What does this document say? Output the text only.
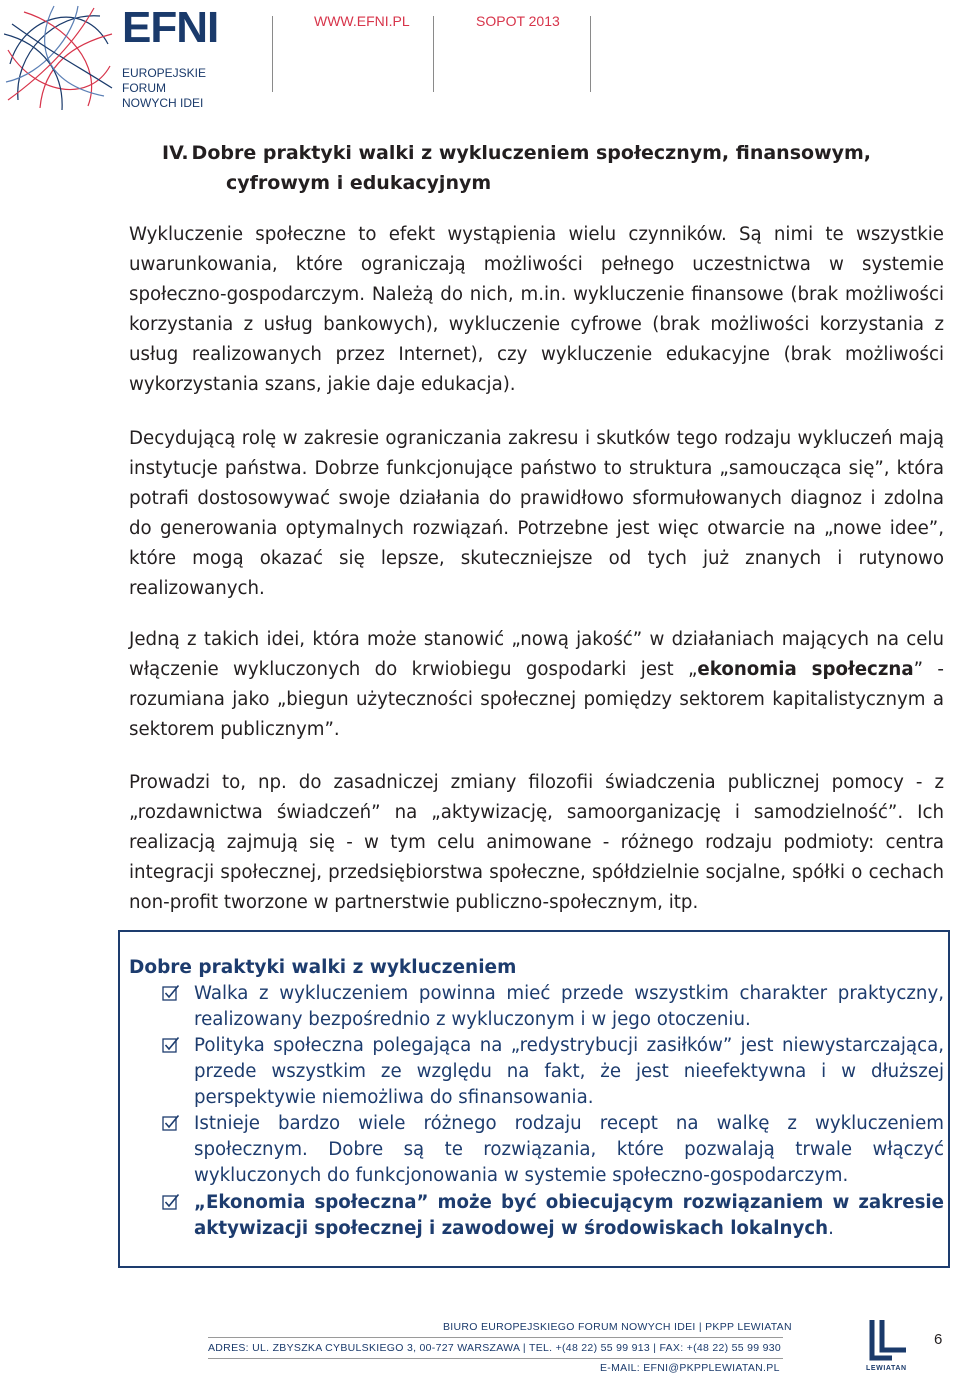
EFNI
EUROPEJSKIE FORUM
NOWYCH IDEI
WWW.EFNI.PL	SOPOT 2013
IV. Dobre praktyki walki z wykluczeniem społecznym, finansowym,
cyfrowym i edukacyjnym

Wykluczenie społeczne to efekt wystąpienia wielu czynników. Są nimi te wszystkie uwarunkowania, które ograniczają możliwości pełnego uczestnictwa w systemie społeczno-gospodarczym. Należą do nich, m.in. wykluczenie finansowe (brak możliwości korzystania z usług bankowych), wykluczenie cyfrowe (brak możliwości korzystania z usług realizowanych przez Internet), czy wykluczenie edukacyjne (brak możliwości wykorzystania szans, jakie daje edukacja).

Decydującą rolę w zakresie ograniczania zakresu i skutków tego rodzaju wykluczeń mają instytucje państwa. Dobrze funkcjonujące państwo to struktura „samoucząca się”, która potrafi dostosowywać swoje działania do prawidłowo sformułowanych diagnoz i zdolna do generowania optymalnych rozwiązań. Potrzebne jest więc otwarcie na „nowe idee”, które mogą okazać się lepsze, skuteczniejsze od tych już znanych i rutynowo realizowanych.

Jedną z takich idei, która może stanowić „nową jakość” w działaniach mających na celu włączenie wykluczonych do krwiobiegu gospodarki jest „ekonomia społeczna” - rozumiana jako „biegun użyteczności społecznej pomiędzy sektorem kapitalistycznym a sektorem publicznym”.

Prowadzi to, np. do zasadniczej zmiany filozofii świadczenia publicznej pomocy - z „rozdawnictwa świadczeń” na „aktywizację, samoorganizację i samodzielność”. Ich realizacją zajmują się - w tym celu animowane - różnego rodzaju podmioty: centra integracji społecznej, przedsiębiorstwa społeczne, spółdzielnie socjalne, spółki o cechach non-profit tworzone w partnerstwie publiczno-społecznym, itp.

Dobre praktyki walki z wykluczeniem
Walka z wykluczeniem powinna mieć przede wszystkim charakter praktyczny, realizowany bezpośrednio z wykluczonym i w jego otoczeniu.
Polityka społeczna polegająca na „redystrybucji zasiłków” jest niewystarczająca, przede wszystkim ze względu na fakt, że jest nieefektywna i w dłuższej perspektywie niemożliwa do sfinansowania.
Istnieje bardzo wiele różnego rodzaju recept na walkę z wykluczeniem społecznym. Dobre są te rozwiązania, które pozwalają trwale włączyć wykluczonych do funkcjonowania w systemie społeczno-gospodarczym.
„Ekonomia społeczna” może być obiecującym rozwiązaniem w zakresie aktywizacji społecznej i zawodowej w środowiskach lokalnych.
BIURO EUROPEJSKIEGO FORUM NOWYCH IDEI | PKPP LEWIATAN
ADRES: UL. ZBYSZKA CYBULSKIEGO 3, 00-727 WARSZAWA | TEL. +(48 22) 55 99 913 | FAX: +(48 22) 55 99 930
E-MAIL: EFNI@PKPPLEWIATAN.PL	LEWIATAN
6
